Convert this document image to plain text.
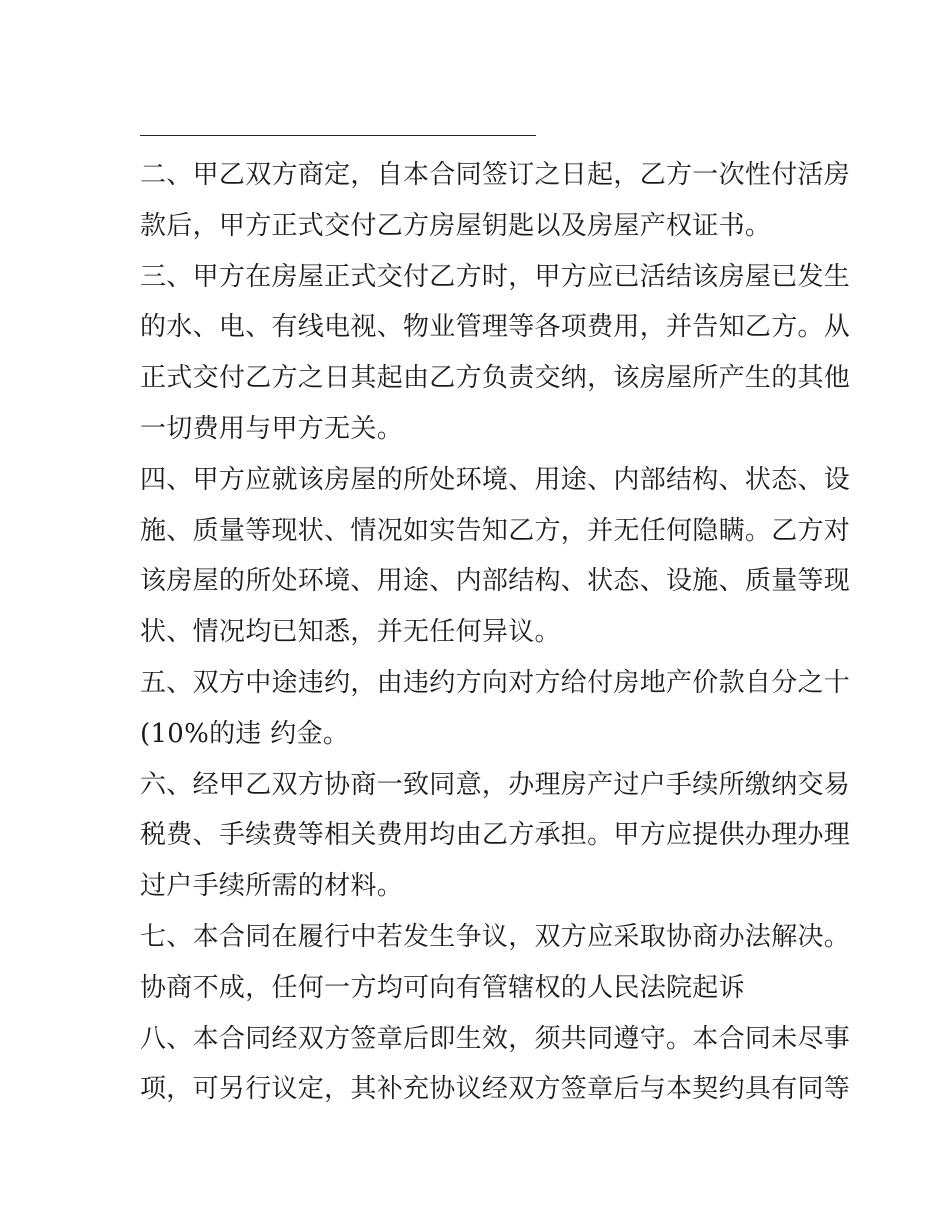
二、甲乙双方商定，自本合同签订之日起，乙方一次性付活房
款后，甲方正式交付乙方房屋钥匙以及房屋产权证书。
三、甲方在房屋正式交付乙方时，甲方应已活结该房屋已发生
的水、电、有线电视、物业管理等各项费用，并告知乙方。从
正式交付乙方之日其起由乙方负责交纳，该房屋所产生的其他
一切费用与甲方无关。
四、甲方应就该房屋的所处环境、用途、内部结构、状态、设
施、质量等现状、情况如实告知乙方，并无任何隐瞒。乙方对
该房屋的所处环境、用途、内部结构、状态、设施、质量等现
状、情况均已知悉，并无任何异议。
五、双方中途违约，由违约方向对方给付房地产价款自分之十
(10%的违 约金。
六、经甲乙双方协商一致同意，办理房产过户手续所缴纳交易
税费、手续费等相关费用均由乙方承担。甲方应提供办理办理
过户手续所需的材料。
七、本合同在履行中若发生争议，双方应采取协商办法解决。
协商不成，任何一方均可向有管辖权的人民法院起诉
八、本合同经双方签章后即生效，须共同遵守。本合同未尽事
项，可另行议定，其补充协议经双方签章后与本契约具有同等
